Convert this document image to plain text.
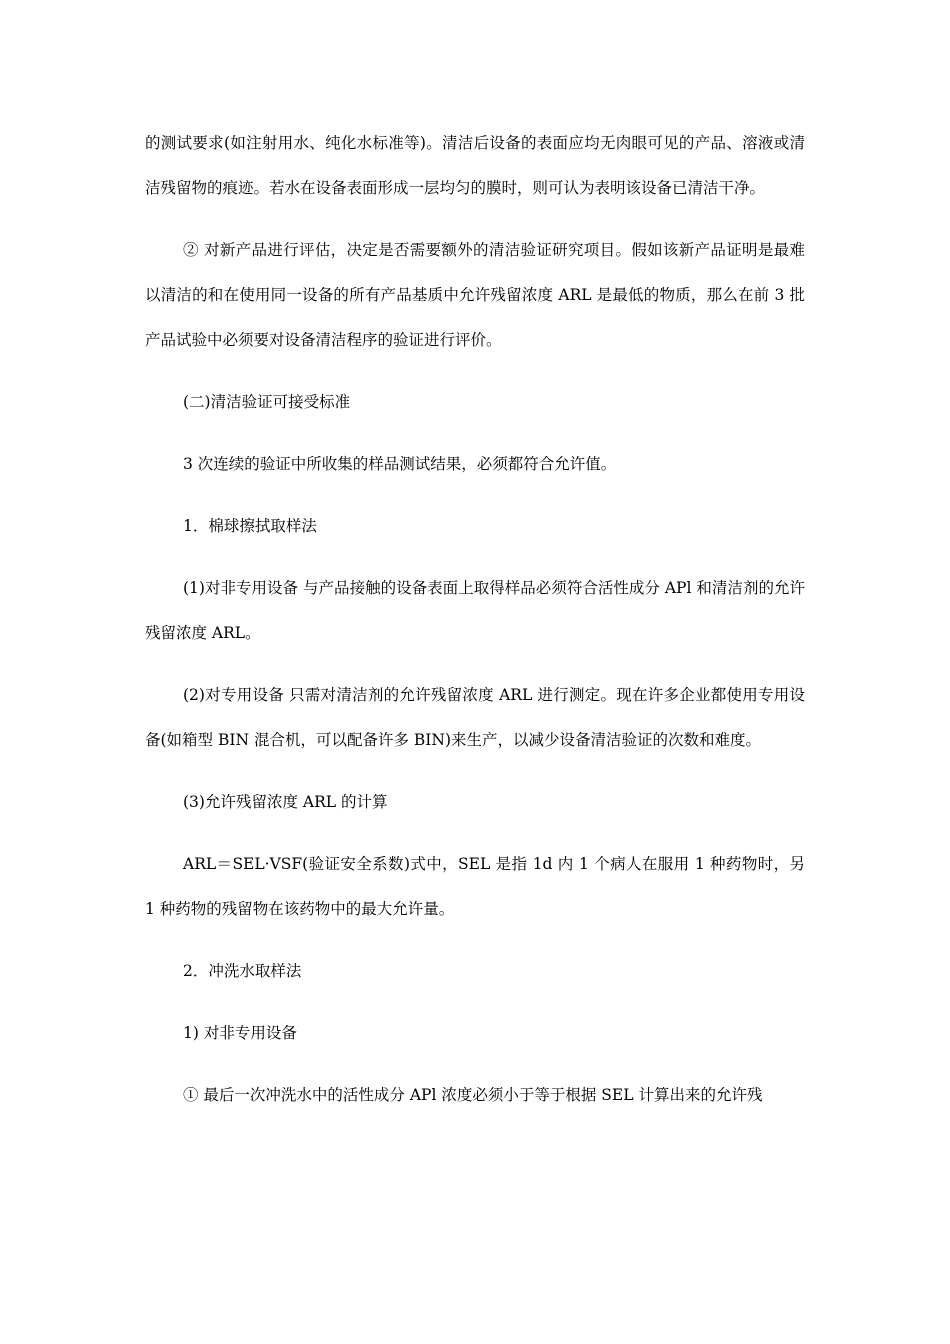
的测试要求(如注射用水、纯化水标准等)。清洁后设备的表面应均无肉眼可见的产品、溶液或清洁残留物的痕迹。若水在设备表面形成一层均匀的膜时，则可认为表明该设备已清洁干净。

② 对新产品进行评估，决定是否需要额外的清洁验证研究项目。假如该新产品证明是最难以清洁的和在使用同一设备的所有产品基质中允许残留浓度 ARL 是最低的物质，那么在前 3 批产品试验中必须要对设备清洁程序的验证进行评价。

(二)清洁验证可接受标准

3 次连续的验证中所收集的样品测试结果，必须都符合允许值。

1．棉球擦拭取样法

(1)对非专用设备 与产品接触的设备表面上取得样品必须符合活性成分 APl 和清洁剂的允许残留浓度 ARL。

(2)对专用设备 只需对清洁剂的允许残留浓度 ARL 进行测定。现在许多企业都使用专用设备(如箱型 BIN 混合机，可以配备许多 BIN)来生产，以减少设备清洁验证的次数和难度。

(3)允许残留浓度 ARL 的计算

ARL＝SEL·VSF(验证安全系数)式中，SEL 是指 1d 内 1 个病人在服用 1 种药物时，另 1 种药物的残留物在该药物中的最大允许量。

2．冲洗水取样法

1) 对非专用设备

① 最后一次冲洗水中的活性成分 APl 浓度必须小于等于根据 SEL 计算出来的允许残
